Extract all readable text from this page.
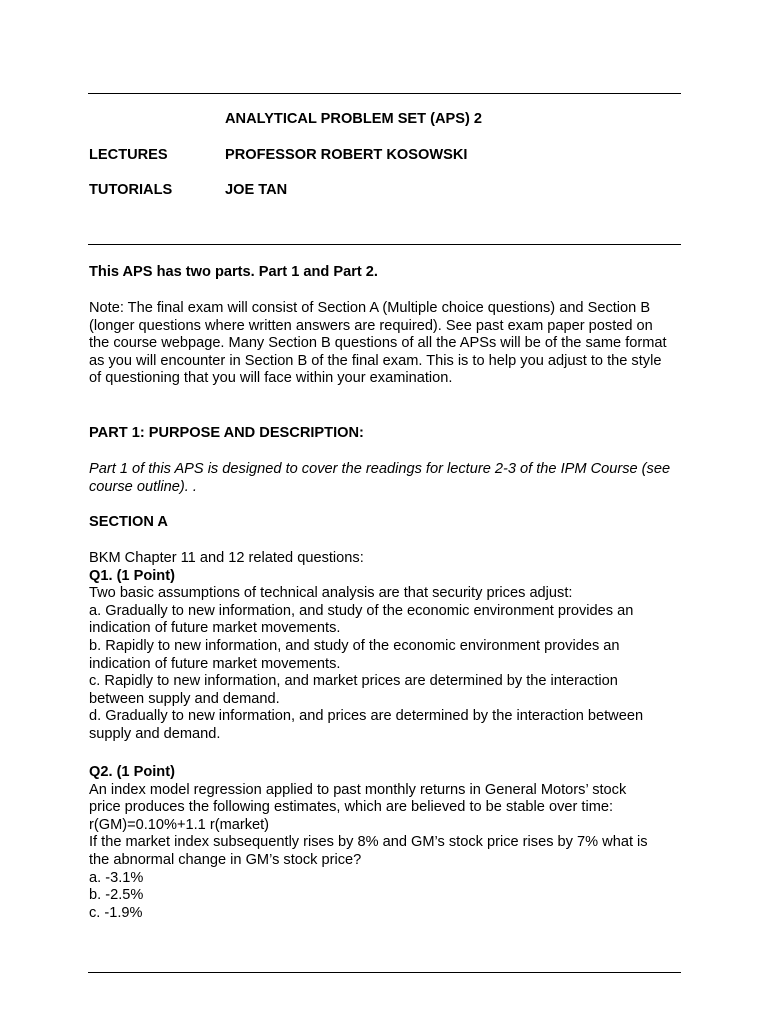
ANALYTICAL PROBLEM SET (APS) 2
LECTURES	PROFESSOR ROBERT KOSOWSKI
TUTORIALS	JOE TAN

This APS has two parts. Part 1 and Part 2.

Note: The final exam will consist of Section A (Multiple choice questions) and Section B
(longer questions where written answers are required). See past exam paper posted on
the course webpage. Many Section B questions of all the APSs will be of the same format
as you will encounter in Section B of the final exam. This is to help you adjust to the style
of questioning that you will face within your examination.

PART 1: PURPOSE AND DESCRIPTION:

Part 1 of this APS is designed to cover the readings for lecture 2-3 of the IPM Course (see
course outline). .

SECTION A

BKM Chapter 11 and 12 related questions:
Q1. (1 Point)
Two basic assumptions of technical analysis are that security prices adjust:
a. Gradually to new information, and study of the economic environment provides an
indication of future market movements.
b. Rapidly to new information, and study of the economic environment provides an
indication of future market movements.
c. Rapidly to new information, and market prices are determined by the interaction
between supply and demand.
d. Gradually to new information, and prices are determined by the interaction between
supply and demand.
Q2. (1 Point)
An index model regression applied to past monthly returns in General Motors’ stock
price produces the following estimates, which are believed to be stable over time:
r(GM)=0.10%+1.1 r(market)
If the market index subsequently rises by 8% and GM’s stock price rises by 7% what is
the abnormal change in GM’s stock price?
a. -3.1%
b. -2.5%
c. -1.9%
